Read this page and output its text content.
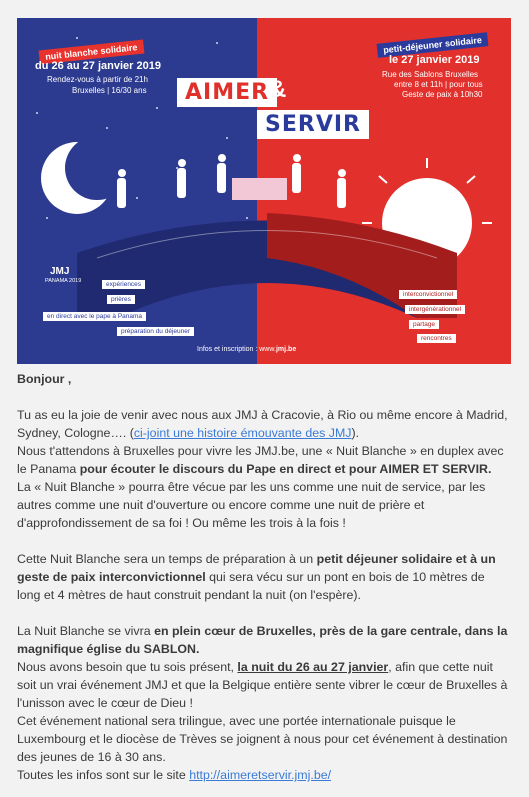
nuit blanche solidaire
du 26 au 27 janvier 2019
Rendez-vous à partir de 21h
Bruxelles | 16/30 ans
petit-déjeuner solidaire
le 27 janvier 2019
Rue des Sablons Bruxelles
entre 8 et 11h | pour tous
Geste de paix à 10h30
AIMER &
SERVIR
JMJ
PANAMA 2019	expériences
prières
en direct avec le pape à Panama
préparation du déjeuner
interconvictionnel
intergénérationnel
partage
rencontres
Infos et inscription : www.jmj.be

Bonjour ,

Tu as eu la joie de venir avec nous aux JMJ à Cracovie, à Rio ou même encore à Madrid, Sydney, Cologne…. (ci-joint une histoire émouvante des JMJ).

Nous t'attendons à Bruxelles pour vivre les JMJ.be, une « Nuit Blanche » en duplex avec le Panama pour écouter le discours du Pape en direct et pour AIMER ET SERVIR.

La « Nuit Blanche » pourra être vécue par les uns comme une nuit de service, par les autres comme une nuit d'ouverture ou encore comme une nuit de prière et d'approfondissement de sa foi ! Ou même les trois à la fois !

Cette Nuit Blanche sera un temps de préparation à un petit déjeuner solidaire et à un geste de paix interconvictionnel qui sera vécu sur un pont en bois de 10 mètres de long et 4 mètres de haut construit pendant la nuit (on l'espère).

La Nuit Blanche se vivra en plein cœur de Bruxelles, près de la gare centrale, dans la magnifique église du SABLON.

Nous avons besoin que tu sois présent, la nuit du 26 au 27 janvier, afin que cette nuit soit un vrai événement JMJ et que la Belgique entière sente vibrer le cœur de Bruxelles à l'unisson avec le cœur de Dieu !

Cet événement national sera trilingue, avec une portée internationale puisque le Luxembourg et le diocèse de Trèves se joignent à nous pour cet événement à destination des jeunes de 16 à 30 ans.

Toutes les infos sont sur le site http://aimeretservir.jmj.be/
